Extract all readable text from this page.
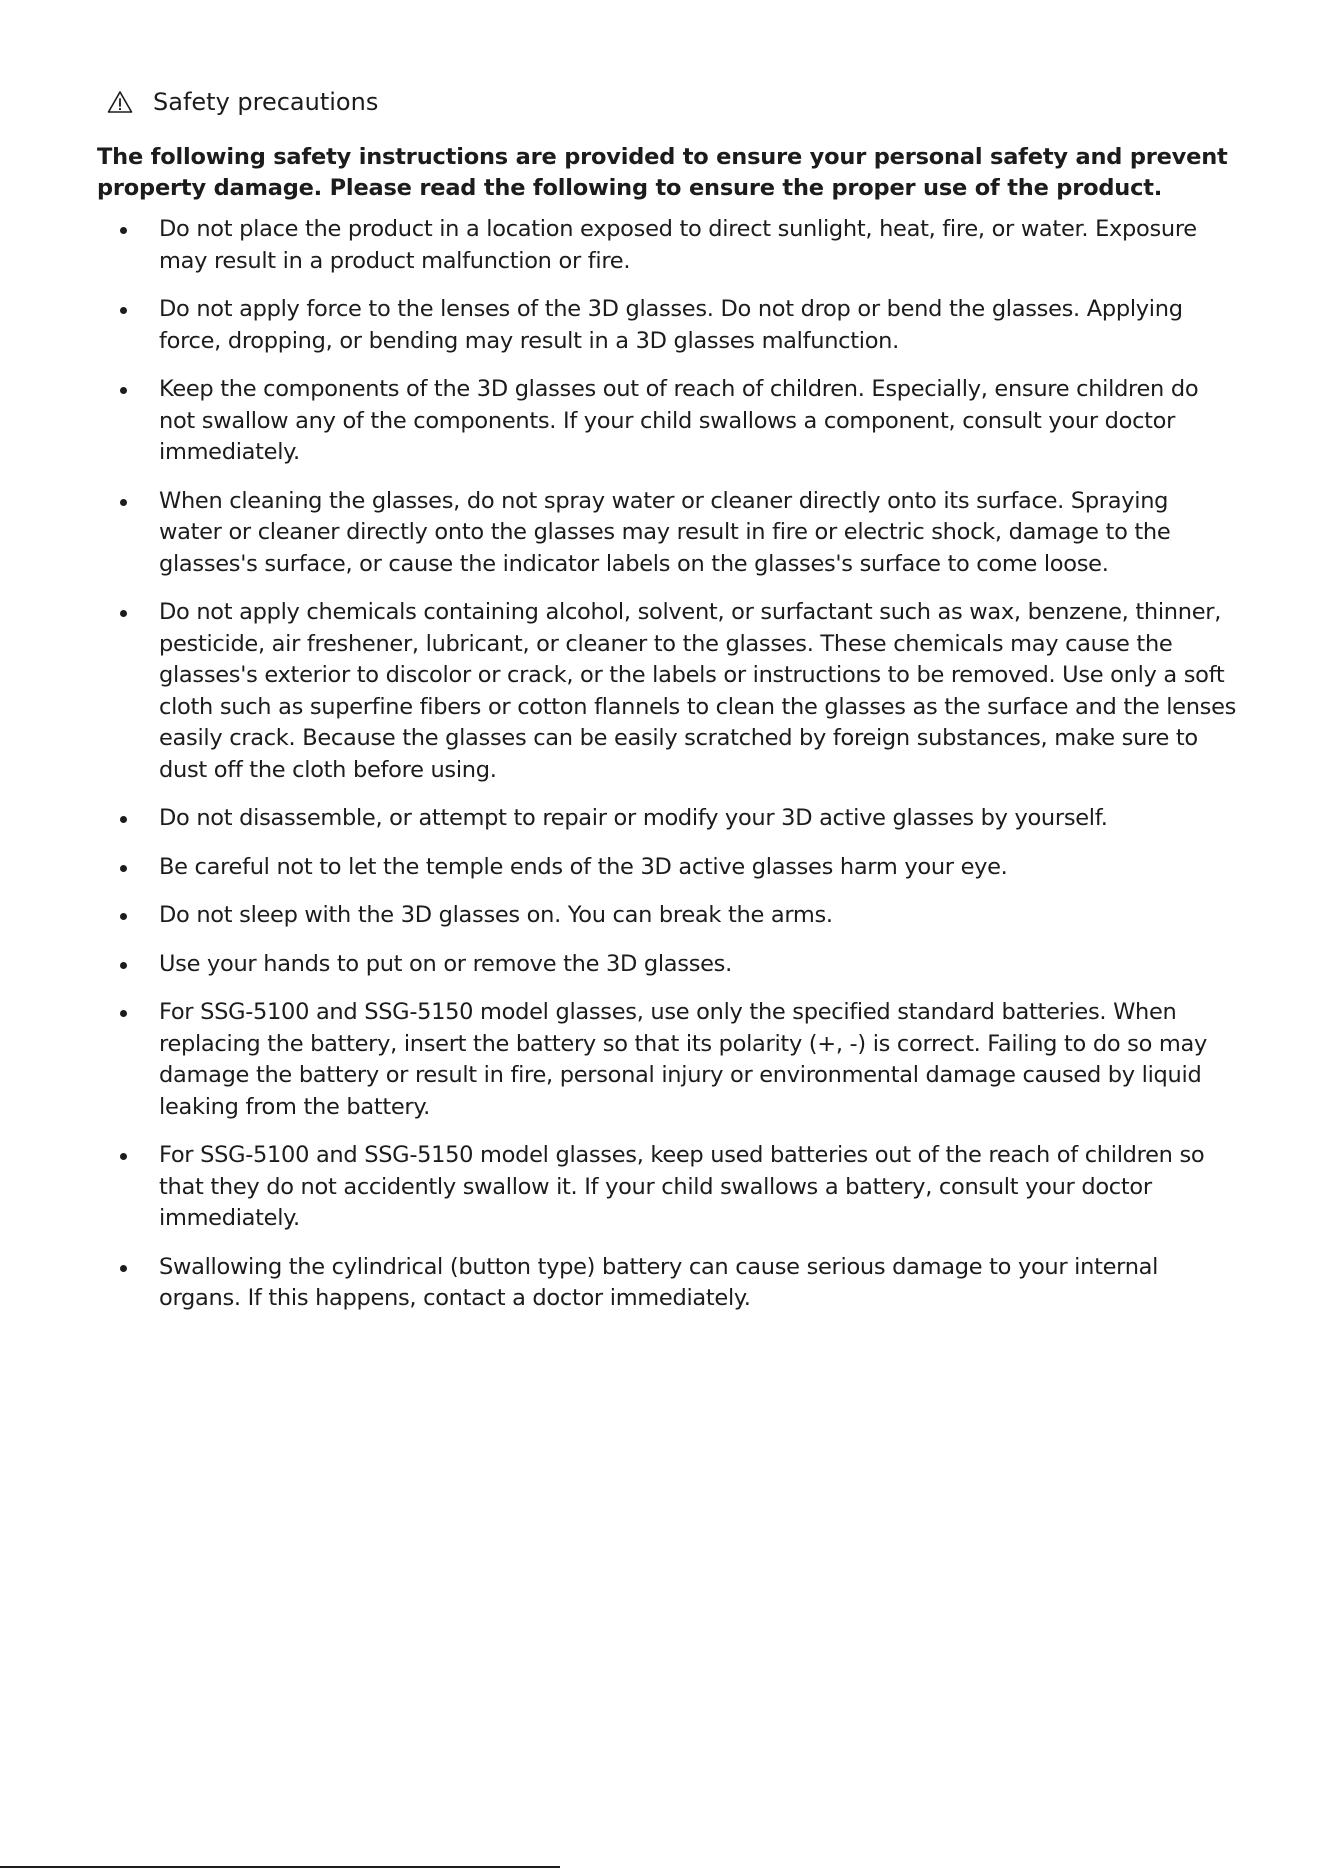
Safety precautions

The following safety instructions are provided to ensure your personal safety and prevent property damage. Please read the following to ensure the proper use of the product.

Do not place the product in a location exposed to direct sunlight, heat, fire, or water. Exposure may result in a product malfunction or fire.
Do not apply force to the lenses of the 3D glasses. Do not drop or bend the glasses. Applying force, dropping, or bending may result in a 3D glasses malfunction.
Keep the components of the 3D glasses out of reach of children. Especially, ensure children do not swallow any of the components. If your child swallows a component, consult your doctor immediately.
When cleaning the glasses, do not spray water or cleaner directly onto its surface. Spraying water or cleaner directly onto the glasses may result in fire or electric shock, damage to the glasses's surface, or cause the indicator labels on the glasses's surface to come loose.
Do not apply chemicals containing alcohol, solvent, or surfactant such as wax, benzene, thinner, pesticide, air freshener, lubricant, or cleaner to the glasses. These chemicals may cause the glasses's exterior to discolor or crack, or the labels or instructions to be removed. Use only a soft cloth such as superfine fibers or cotton flannels to clean the glasses as the surface and the lenses easily crack. Because the glasses can be easily scratched by foreign substances, make sure to dust off the cloth before using.
Do not disassemble, or attempt to repair or modify your 3D active glasses by yourself.
Be careful not to let the temple ends of the 3D active glasses harm your eye.
Do not sleep with the 3D glasses on. You can break the arms.
Use your hands to put on or remove the 3D glasses.
For SSG-5100 and SSG-5150 model glasses, use only the specified standard batteries. When replacing the battery, insert the battery so that its polarity (+, -) is correct. Failing to do so may damage the battery or result in fire, personal injury or environmental damage caused by liquid leaking from the battery.
For SSG-5100 and SSG-5150 model glasses, keep used batteries out of the reach of children so that they do not accidently swallow it. If your child swallows a battery, consult your doctor immediately.
Swallowing the cylindrical (button type) battery can cause serious damage to your internal organs. If this happens, contact a doctor immediately.
